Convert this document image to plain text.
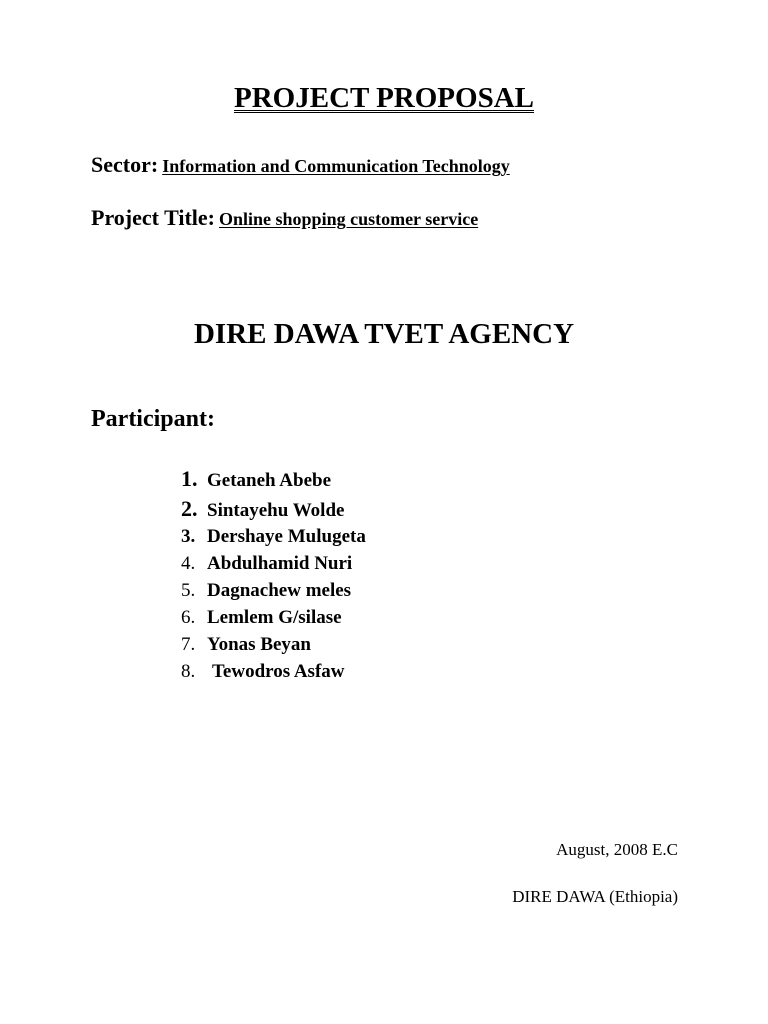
PROJECT PROPOSAL
Sector: Information and Communication Technology
Project Title: Online shopping customer service
DIRE DAWA TVET AGENCY
Participant:
1. Getaneh Abebe
2. Sintayehu Wolde
3. Dershaye Mulugeta
4. Abdulhamid Nuri
5. Dagnachew meles
6. Lemlem G/silase
7. Yonas Beyan
8. Tewodros Asfaw
August, 2008 E.C
DIRE DAWA (Ethiopia)
